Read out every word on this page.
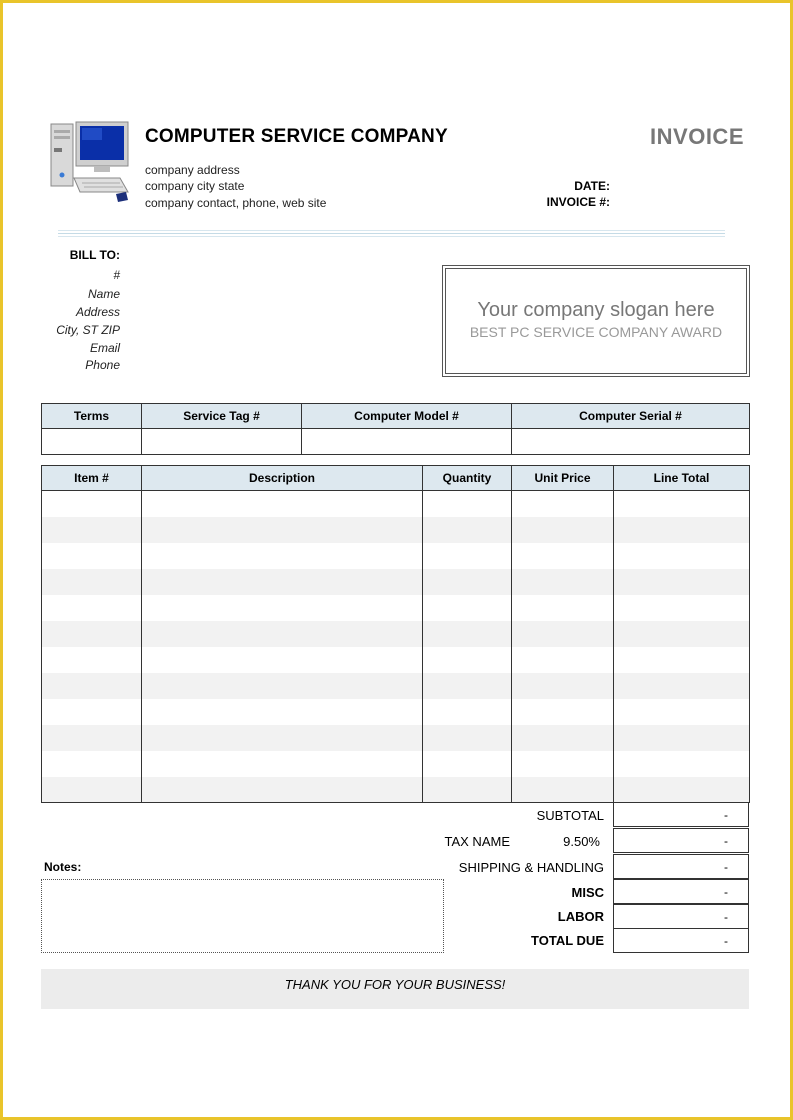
COMPUTER SERVICE COMPANY
company address
company city state
company contact, phone, web site
INVOICE
DATE:
INVOICE #:
BILL TO:
#
Name
Address
City, ST ZIP
Email
Phone
Your company slogan here
BEST PC SERVICE COMPANY AWARD
Terms	Service Tag #	Computer Model #	Computer Serial #

Item #	Description	Quantity	Unit Price	Line Total

SUBTOTAL	-
TAX NAME	9.50%	-
SHIPPING & HANDLING	-
MISC	-
LABOR	-
TOTAL DUE	-
Notes:
THANK YOU FOR YOUR BUSINESS!
